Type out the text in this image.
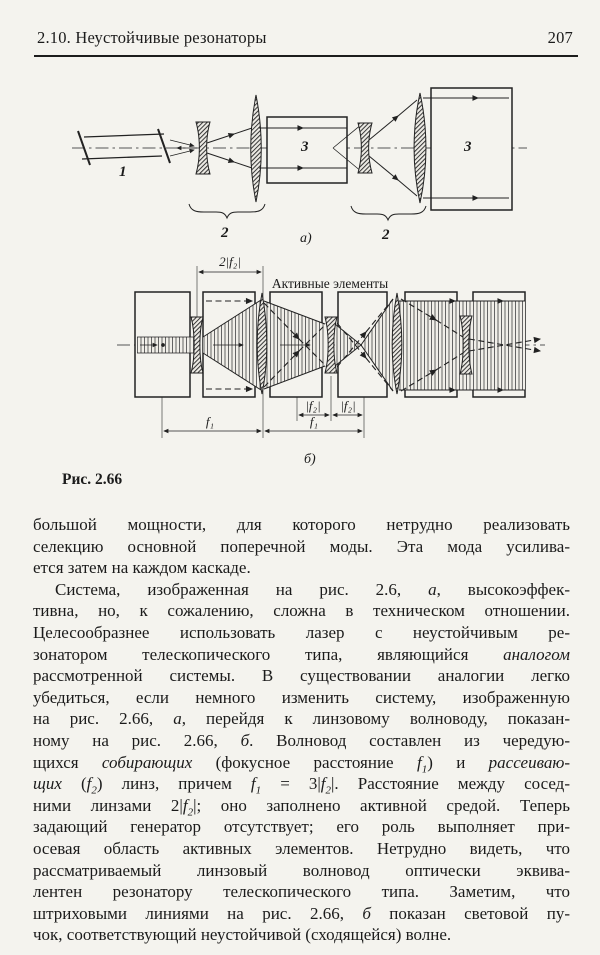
2.10. Неустойчивые резонаторы	207
1
3	3
2	2
а)
2|f₂|
Активные элементы
|f₂| |f₂|
f₁	f₁
б)
Рис. 2.66
большой мощности, для которого нетрудно реализовать
селекцию основной поперечной моды. Эта мода усилива-
ется затем на каждом каскаде.
Система, изображенная на рис. 2.6, а, высокоэффек-
тивна, но, к сожалению, сложна в техническом отношении.
Целесообразнее использовать лазер с неустойчивым ре-
зонатором телескопического типа, являющийся аналогом
рассмотренной системы. В существовании аналогии легко
убедиться, если немного изменить систему, изображенную
на рис. 2.66, а, перейдя к линзовому волноводу, показан-
ному на рис. 2.66, б. Волновод составлен из чередую-
щихся собирающих (фокусное расстояние $f_1$) и рассеиваю-
щих $(f_2)$ линз, причем $f_1 = 3|f_2|$. Расстояние между сосед-
ними линзами $2|f_2|$; оно заполнено активной средой. Теперь
задающий генератор отсутствует; его роль выполняет при-
осевая область активных элементов. Нетрудно видеть, что
рассматриваемый линзовый волновод оптически эквива-
лентен резонатору телескопического типа. Заметим, что
штриховыми линиями на рис. 2.66, б показан световой пу-
чок, соответствующий неустойчивой (сходящейся) волне.
